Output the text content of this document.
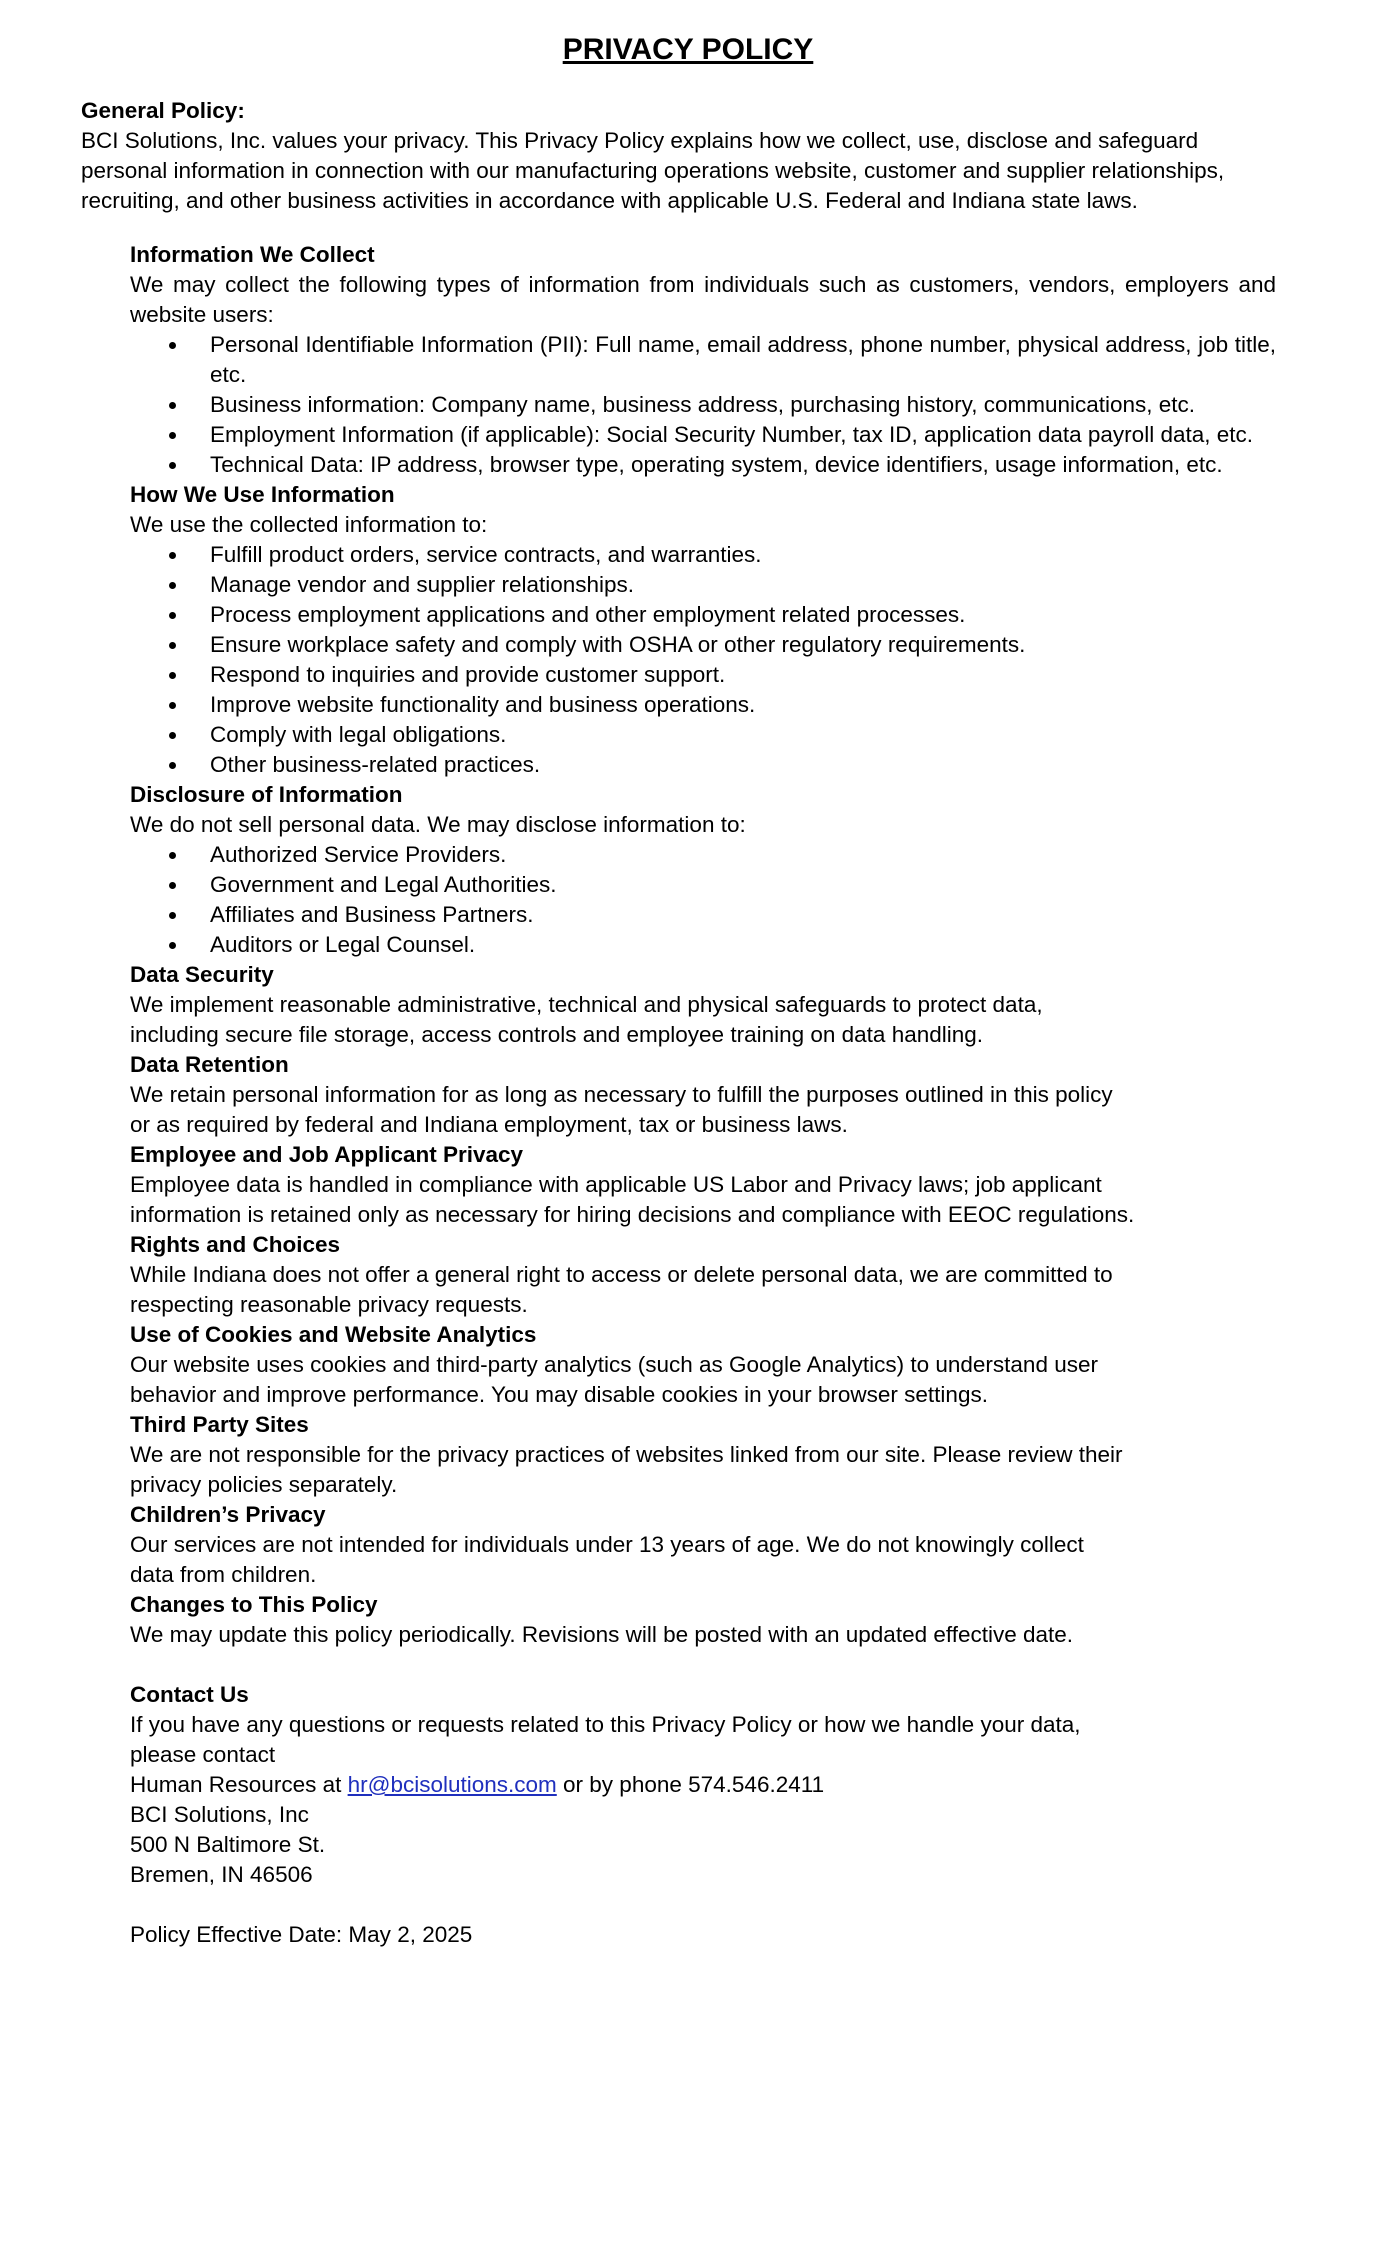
PRIVACY POLICY

General Policy:

BCI Solutions, Inc. values your privacy. This Privacy Policy explains how we collect, use, disclose and safeguard personal information in connection with our manufacturing operations website, customer and supplier relationships, recruiting, and other business activities in accordance with applicable U.S. Federal and Indiana state laws.

Information We Collect

We may collect the following types of information from individuals such as customers, vendors, employers and website users:

Personal Identifiable Information (PII): Full name, email address, phone number, physical address, job title, etc.
Business information: Company name, business address, purchasing history, communications, etc.
Employment Information (if applicable): Social Security Number, tax ID, application data payroll data, etc.
Technical Data: IP address, browser type, operating system, device identifiers, usage information, etc.

How We Use Information

We use the collected information to:

Fulfill product orders, service contracts, and warranties.
Manage vendor and supplier relationships.
Process employment applications and other employment related processes.
Ensure workplace safety and comply with OSHA or other regulatory requirements.
Respond to inquiries and provide customer support.
Improve website functionality and business operations.
Comply with legal obligations.
Other business-related practices.

Disclosure of Information

We do not sell personal data. We may disclose information to:

Authorized Service Providers.
Government and Legal Authorities.
Affiliates and Business Partners.
Auditors or Legal Counsel.

Data Security

We implement reasonable administrative, technical and physical safeguards to protect data,

including secure file storage, access controls and employee training on data handling.

Data Retention

We retain personal information for as long as necessary to fulfill the purposes outlined in this policy

or as required by federal and Indiana employment, tax or business laws.

Employee and Job Applicant Privacy

Employee data is handled in compliance with applicable US Labor and Privacy laws; job applicant

information is retained only as necessary for hiring decisions and compliance with EEOC regulations.

Rights and Choices

While Indiana does not offer a general right to access or delete personal data, we are committed to

respecting reasonable privacy requests.

Use of Cookies and Website Analytics

Our website uses cookies and third-party analytics (such as Google Analytics) to understand user

behavior and improve performance. You may disable cookies in your browser settings.

Third Party Sites

We are not responsible for the privacy practices of websites linked from our site. Please review their

privacy policies separately.

Children’s Privacy

Our services are not intended for individuals under 13 years of age. We do not knowingly collect

data from children.

Changes to This Policy

We may update this policy periodically. Revisions will be posted with an updated effective date.

Contact Us

If you have any questions or requests related to this Privacy Policy or how we handle your data,

please contact

Human Resources at hr@bcisolutions.com or by phone 574.546.2411

BCI Solutions, Inc

500 N Baltimore St.

Bremen, IN 46506

Policy Effective Date: May 2, 2025
